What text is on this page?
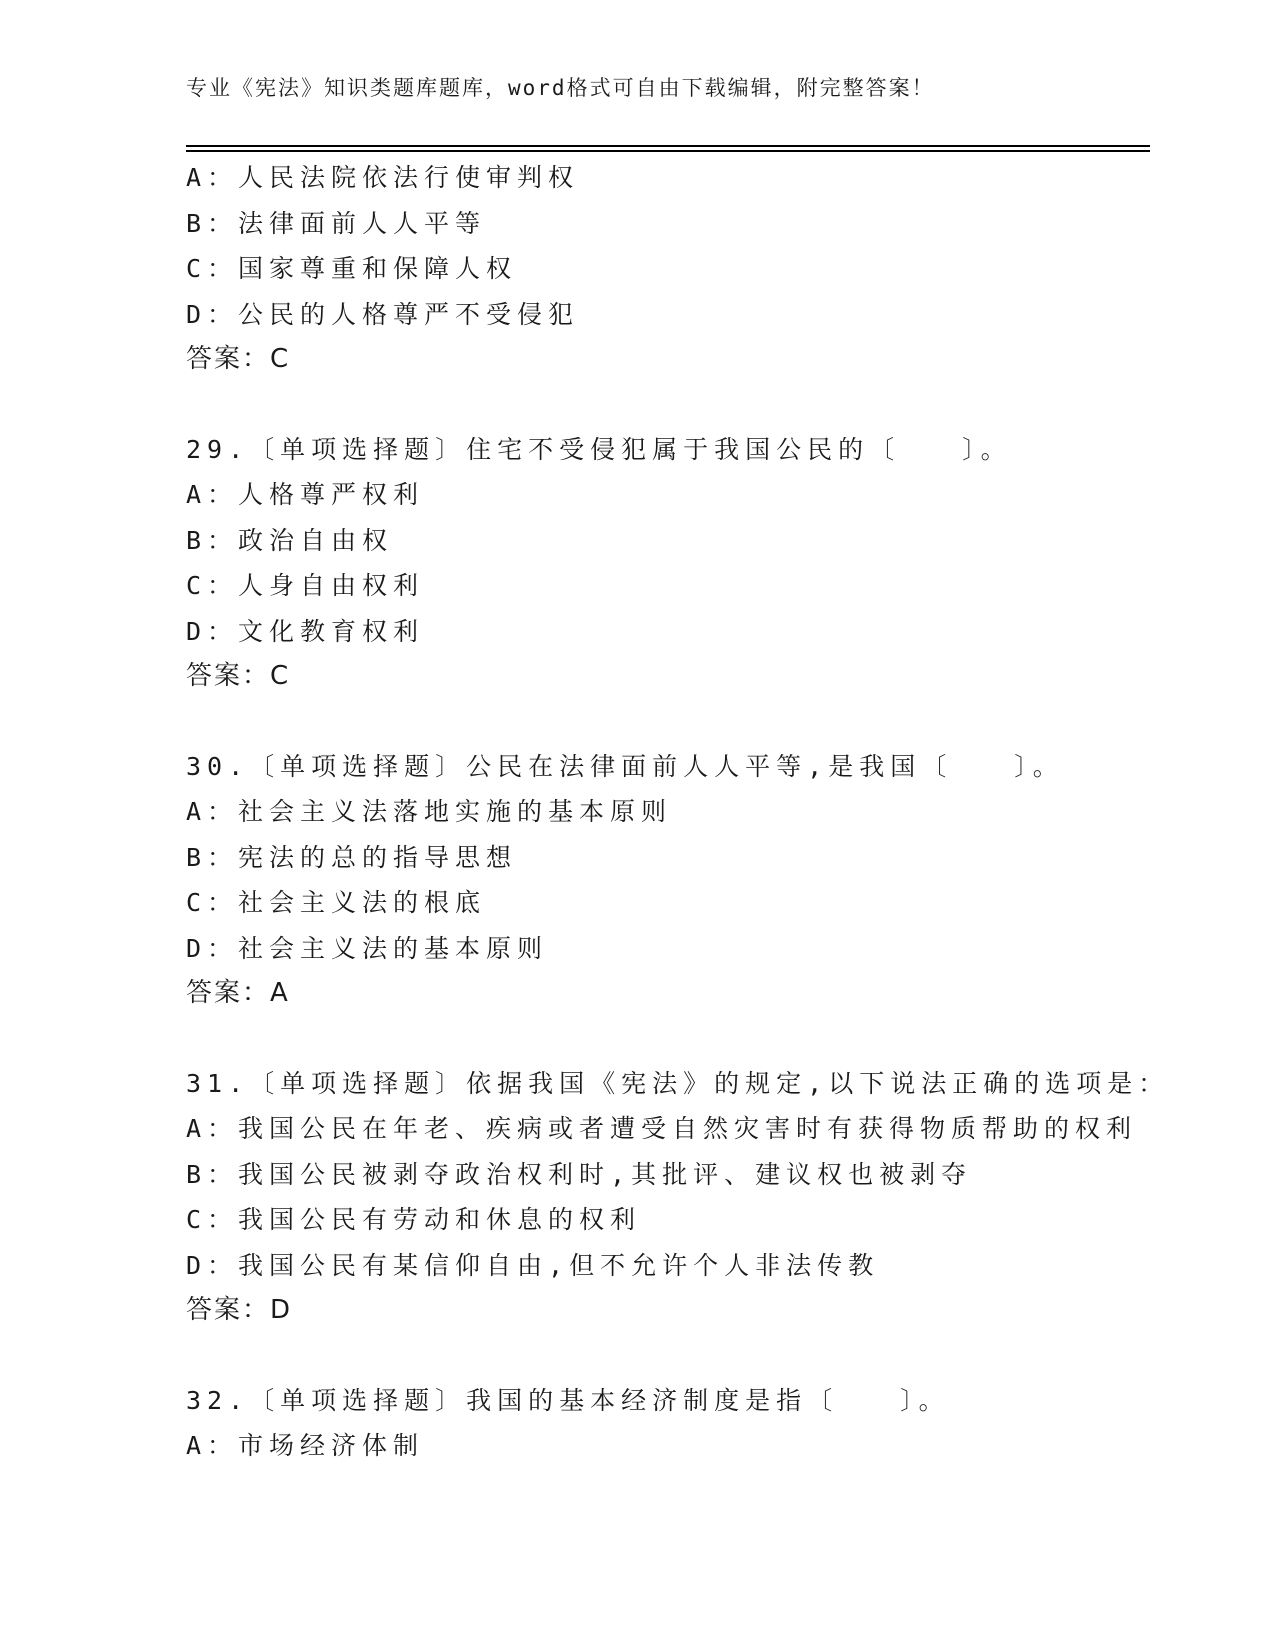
专业《宪法》知识类题库题库，word格式可自由下载编辑，附完整答案！
A：人民法院依法行使审判权
B：法律面前人人平等
C：国家尊重和保障人权
D：公民的人格尊严不受侵犯
答案：C
29.〔单项选择题〕住宅不受侵犯属于我国公民的〔　　〕。
A：人格尊严权利
B：政治自由权
C：人身自由权利
D：文化教育权利
答案：C
30.〔单项选择题〕公民在法律面前人人平等,是我国〔　　〕。
A：社会主义法落地实施的基本原则
B：宪法的总的指导思想
C：社会主义法的根底
D：社会主义法的基本原则
答案：A
31.〔单项选择题〕依据我国《宪法》的规定,以下说法正确的选项是：
A：我国公民在年老、疾病或者遭受自然灾害时有获得物质帮助的权利
B：我国公民被剥夺政治权利时,其批评、建议权也被剥夺
C：我国公民有劳动和休息的权利
D：我国公民有某信仰自由,但不允许个人非法传教
答案：D
32.〔单项选择题〕我国的基本经济制度是指〔　　〕。
A：市场经济体制
